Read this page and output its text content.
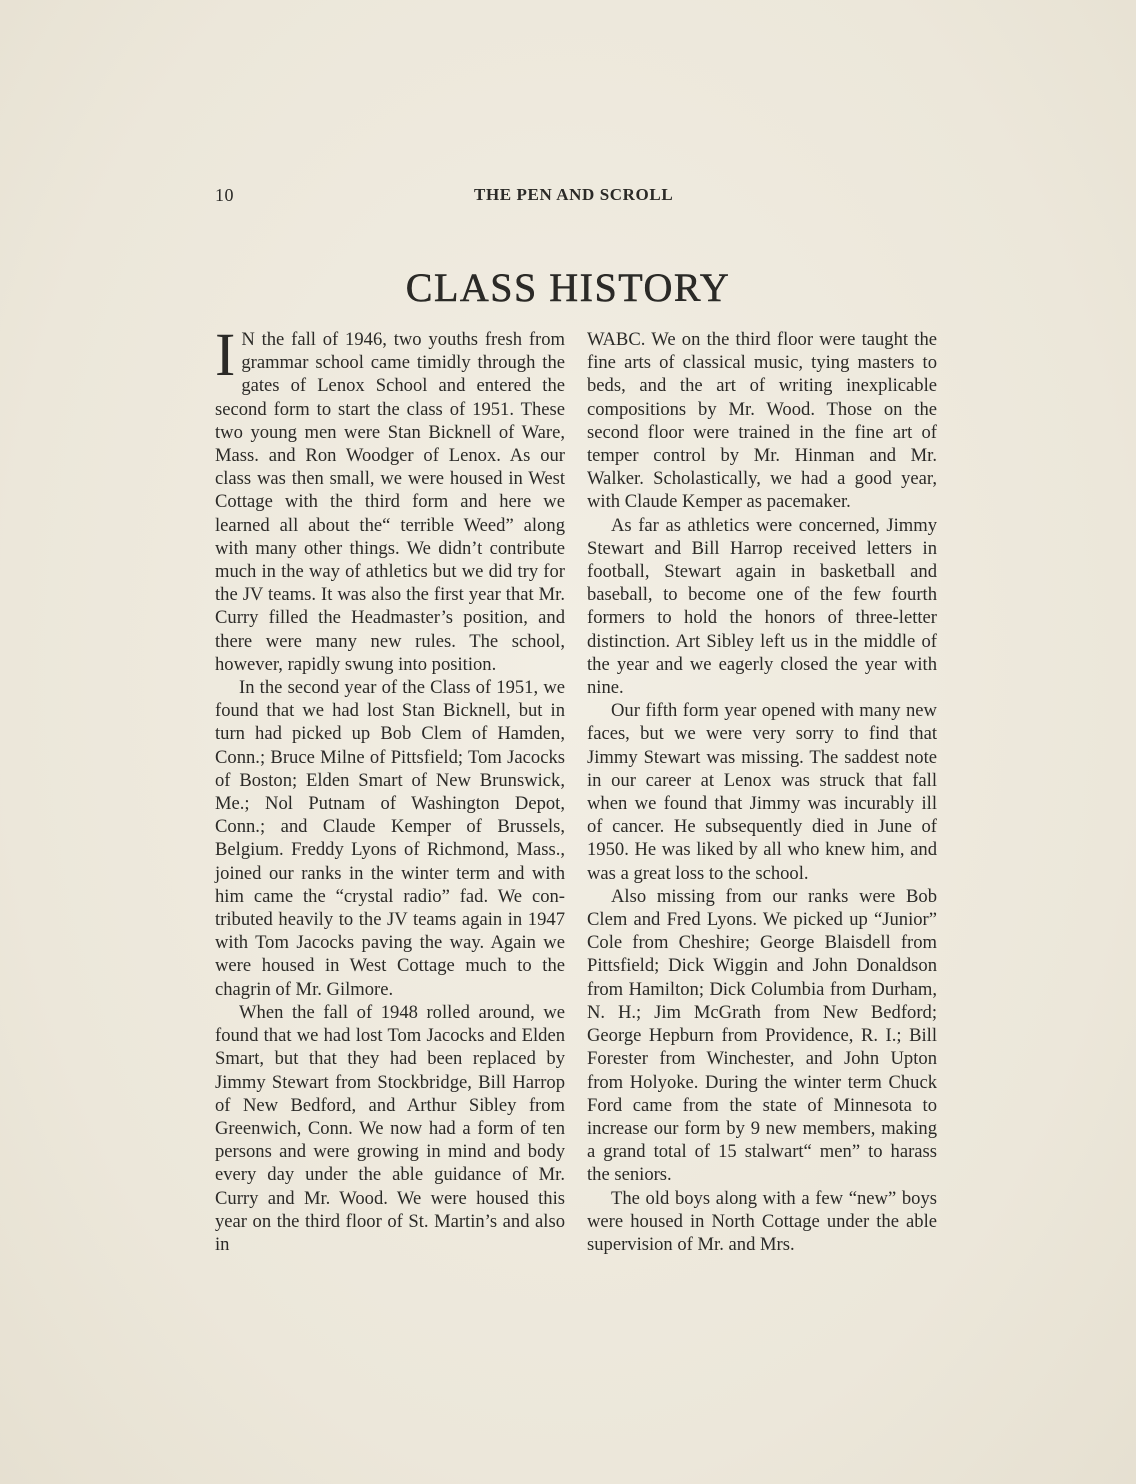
10	THE PEN AND SCROLL
CLASS HISTORY

I N the fall of 1946, two youths fresh from grammar school came timidly through the gates of Lenox School and entered the second form to start the class of 1951. These two young men were Stan Bicknell of Ware, Mass. and Ron Woodger of Lenox. As our class was then small, we were housed in West Cottage with the third form and here we learned all about the“ terrible Weed” along with many other things. We didn’t contribute much in the way of athletics but we did try for the JV teams. It was also the first year that Mr. Curry filled the Headmaster’s position, and there were many new rules. The school, however, rapidly swung into position.

In the second year of the Class of 1951, we found that we had lost Stan Bicknell, but in turn had picked up Bob Clem of Hamden, Conn.; Bruce Milne of Pittsfield; Tom Jacocks of Boston; Elden Smart of New Brunswick, Me.; Nol Putnam of Washington Depot, Conn.; and Claude Kemper of Brussels, Belgium. Freddy Lyons of Richmond, Mass., joined our ranks in the winter term and with him came the “crystal radio” fad. We contributed heavily to the JV teams again in 1947 with Tom Jacocks paving the way. Again we were housed in West Cottage much to the chagrin of Mr. Gilmore.

When the fall of 1948 rolled around, we found that we had lost Tom Jacocks and Elden Smart, but that they had been replaced by Jimmy Stewart from Stockbridge, Bill Harrop of New Bedford, and Arthur Sibley from Greenwich, Conn. We now had a form of ten persons and were growing in mind and body every day under the able guidance of Mr. Curry and Mr. Wood. We were housed this year on the third floor of St. Martin’s and also in

WABC. We on the third floor were taught the fine arts of classical music, tying masters to beds, and the art of writing inexplicable compositions by Mr. Wood. Those on the second floor were trained in the fine art of temper control by Mr. Hinman and Mr. Walker. Scholastically, we had a good year, with Claude Kemper as pacemaker.

As far as athletics were concerned, Jimmy Stewart and Bill Harrop received letters in football, Stewart again in basketball and baseball, to become one of the few fourth formers to hold the honors of three-letter distinction. Art Sibley left us in the middle of the year and we eagerly closed the year with nine.

Our fifth form year opened with many new faces, but we were very sorry to find that Jimmy Stewart was missing. The saddest note in our career at Lenox was struck that fall when we found that Jimmy was incurably ill of cancer. He subsequently died in June of 1950. He was liked by all who knew him, and was a great loss to the school.

Also missing from our ranks were Bob Clem and Fred Lyons. We picked up “Junior” Cole from Cheshire; George Blaisdell from Pittsfield; Dick Wiggin and John Donaldson from Hamilton; Dick Columbia from Durham, N. H.; Jim McGrath from New Bedford; George Hepburn from Providence, R. I.; Bill Forester from Winchester, and John Upton from Holyoke. During the winter term Chuck Ford came from the state of Minnesota to increase our form by 9 new members, making a grand total of 15 stalwart“ men” to harass the seniors.

The old boys along with a few “new” boys were housed in North Cottage under the able supervision of Mr. and Mrs.
